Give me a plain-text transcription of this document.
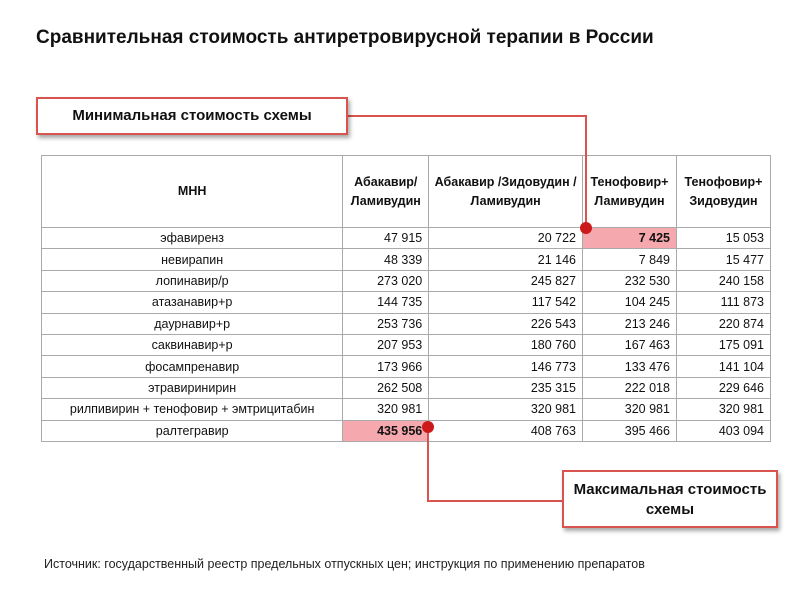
Сравнительная стоимость антиретровирусной терапии в России
МНН	Абакавир/ Ламивудин	Абакавир /Зидовудин / Ламивудин	Тенофовир+ Ламивудин	Тенофовир+ Зидовудин
эфавиренз	47 915	20 722	7 425	15 053
невирапин	48 339	21 146	7 849	15 477
лопинавир/р	273 020	245 827	232 530	240 158
атазанавир+р	144 735	117 542	104 245	111 873
даурнавир+р	253 736	226 543	213 246	220 874
саквинавир+р	207 953	180 760	167 463	175 091
фосампренавир	173 966	146 773	133 476	141 104
этравиринирин	262 508	235 315	222 018	229 646
рилпивирин + тенофовир + эмтрицитабин	320 981	320 981	320 981	320 981
ралтегравир	435 956	408 763	395 466	403 094
Минимальная стоимость схемы
Максимальная стоимость схемы
Источник: государственный реестр предельных отпускных цен; инструкция по применению препаратов
